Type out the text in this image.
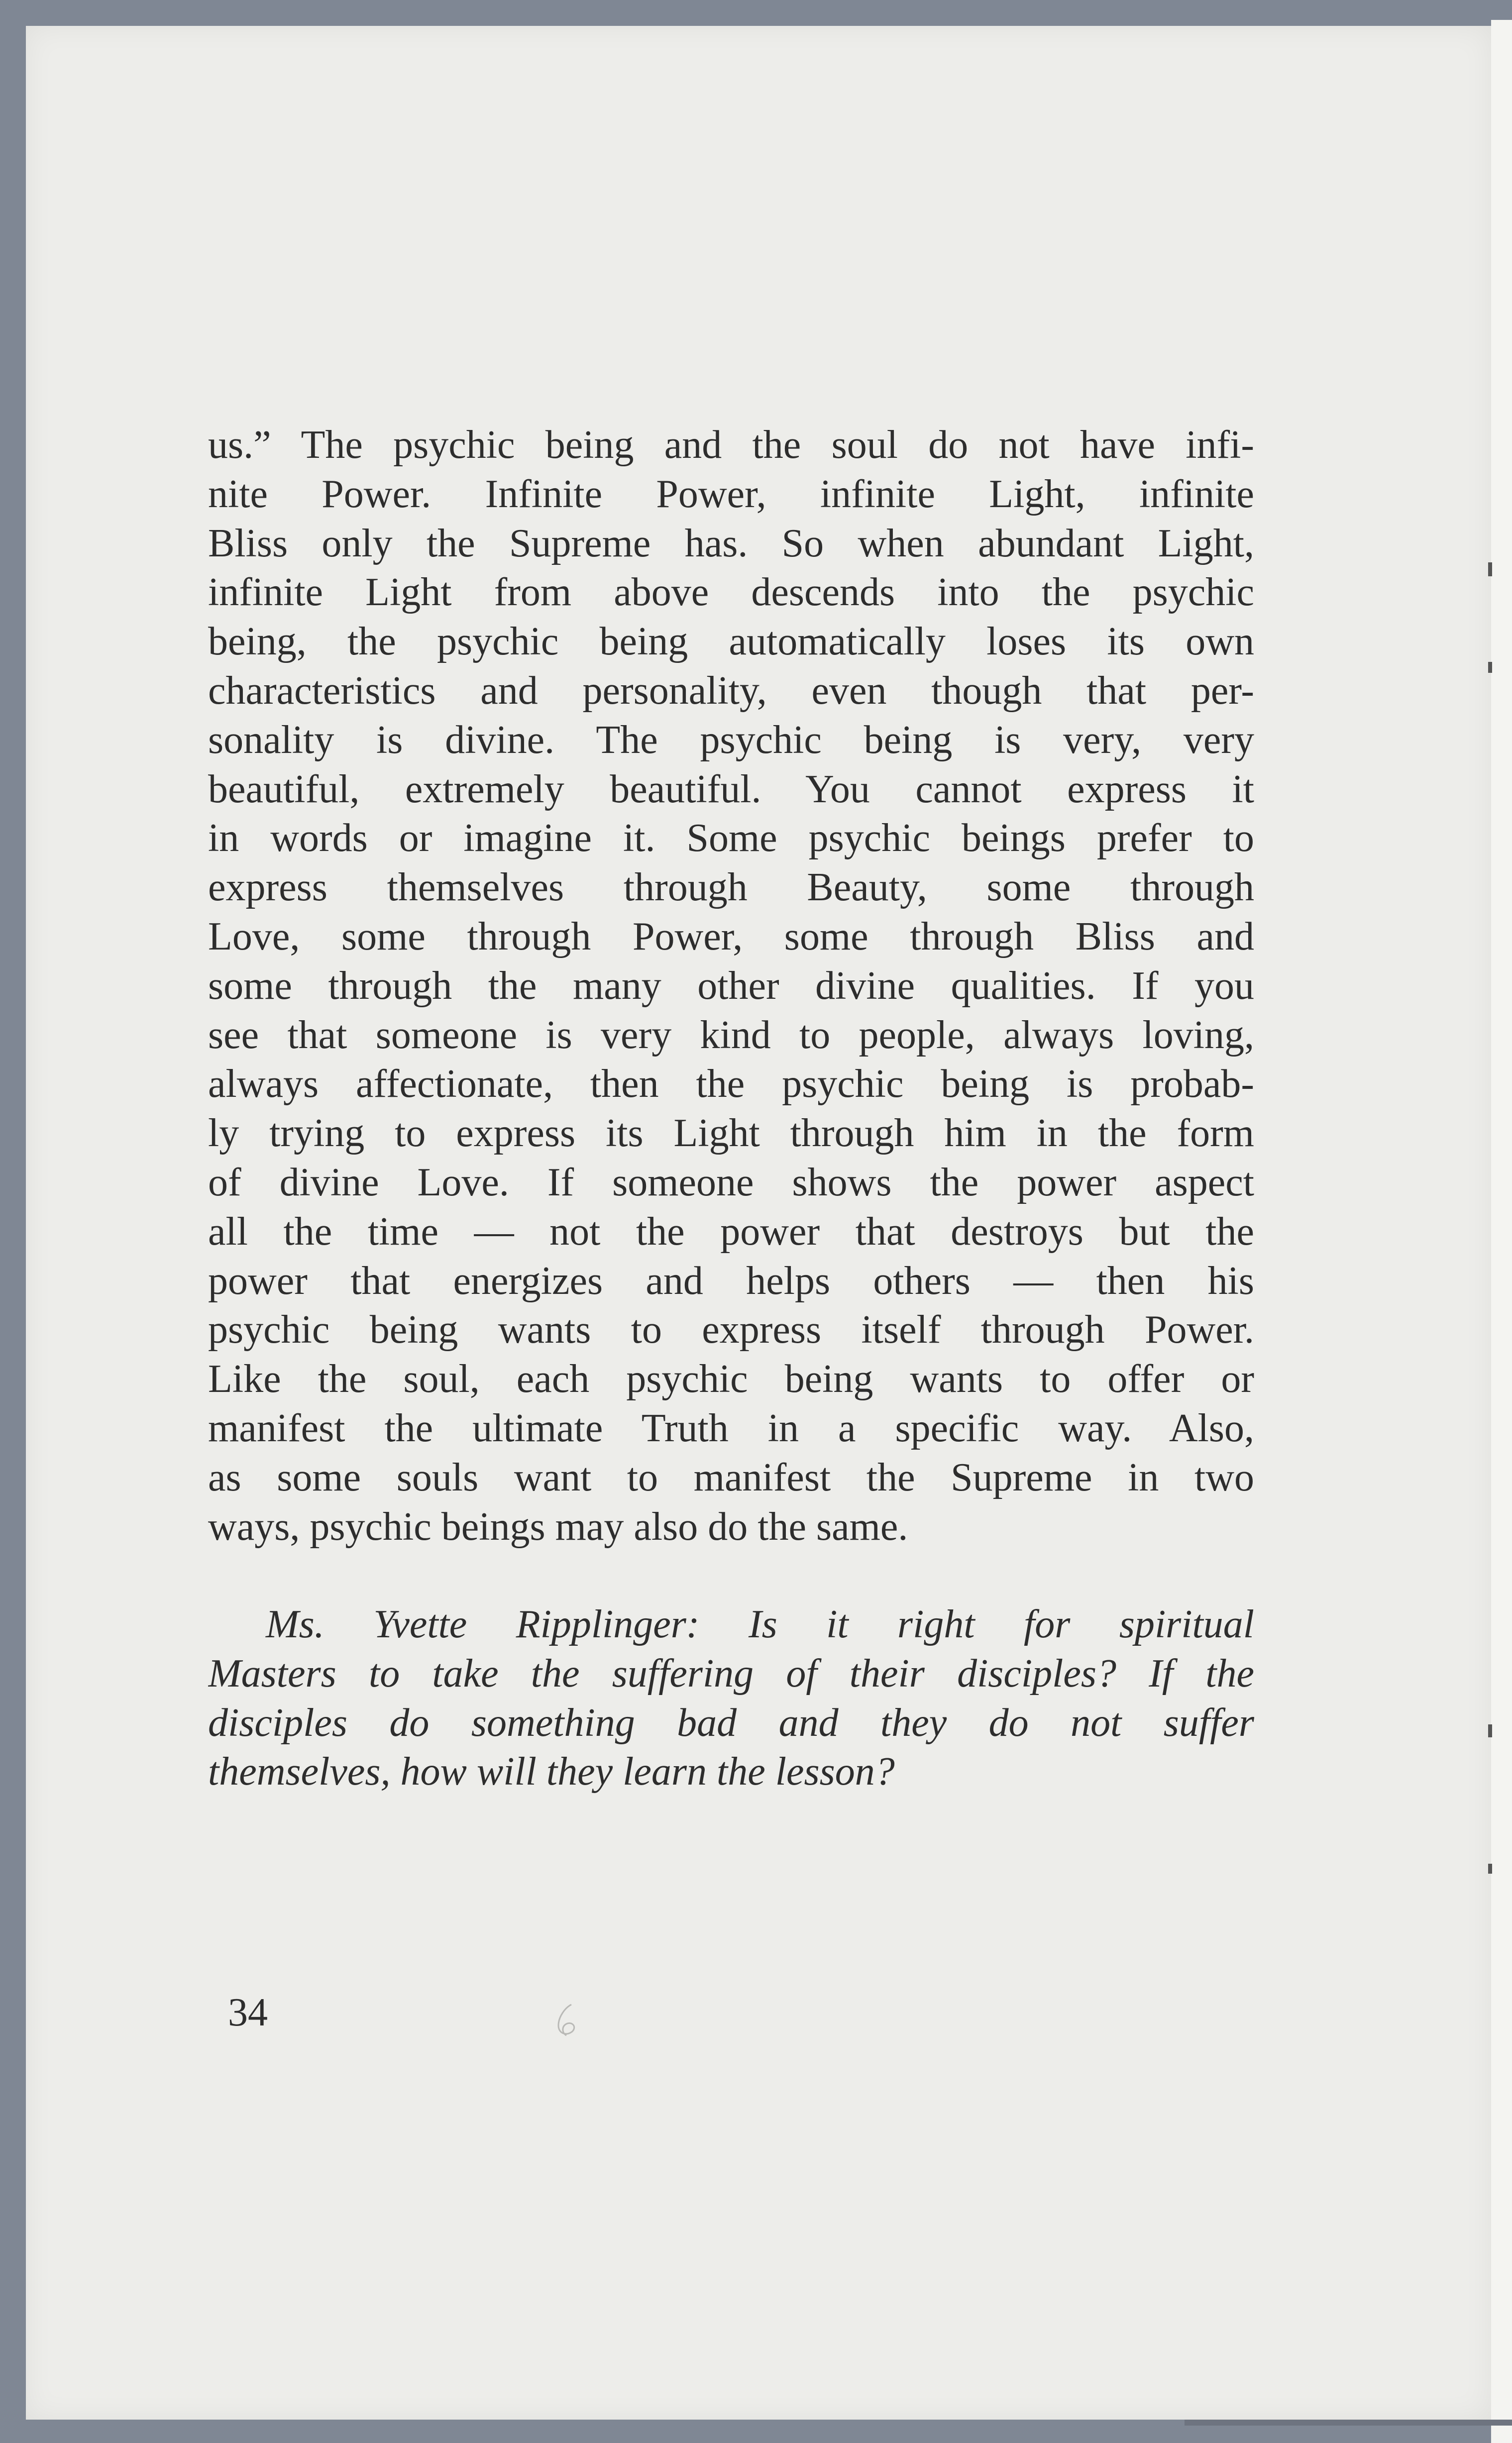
us.” The psychic being and the soul do not have infi-
nite Power. Infinite Power, infinite Light, infinite
Bliss only the Supreme has. So when abundant Light,
infinite Light from above descends into the psychic
being, the psychic being automatically loses its own
characteristics and personality, even though that per-
sonality is divine. The psychic being is very, very
beautiful, extremely beautiful. You cannot express it
in words or imagine it. Some psychic beings prefer to
express themselves through Beauty, some through
Love, some through Power, some through Bliss and
some through the many other divine qualities. If you
see that someone is very kind to people, always loving,
always affectionate, then the psychic being is probab-
ly trying to express its Light through him in the form
of divine Love. If someone shows the power aspect
all the time — not the power that destroys but the
power that energizes and helps others — then his
psychic being wants to express itself through Power.
Like the soul, each psychic being wants to offer or
manifest the ultimate Truth in a specific way. Also,
as some souls want to manifest the Supreme in two
ways, psychic beings may also do the same.
Ms. Yvette Ripplinger: Is it right for spiritual
Masters to take the suffering of their disciples? If the
disciples do something bad and they do not suffer
themselves, how will they learn the lesson?
34
